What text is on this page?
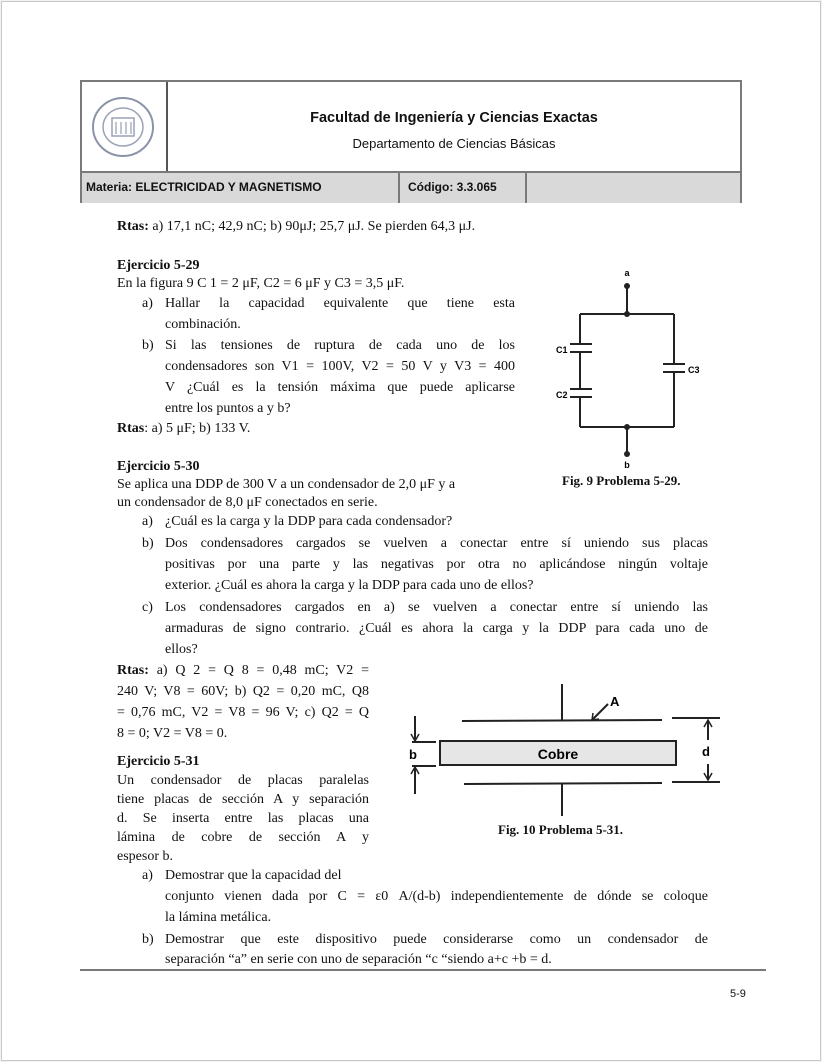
Facultad de Ingeniería y Ciencias Exactas
Departamento de Ciencias Básicas
Materia: ELECTRICIDAD Y MAGNETISMO	Código: 3.3.065
Rtas: a) 17,1 nC; 42,9 nC; b) 90μJ; 25,7 μJ. Se pierden 64,3 μJ.
Ejercicio 5-29
En la figura 9 C 1 = 2 μF, C2 = 6 μF y C3 = 3,5 μF.
a) Hallar la capacidad equivalente que tiene esta
combinación.
b) Si las tensiones de ruptura de cada uno de los
condensadores son V1 = 100V, V2 = 50 V y V3 = 400
V ¿Cuál es la tensión máxima que puede aplicarse
entre los puntos a y b?
Rtas: a) 5 μF; b) 133 V.
a
b
C1
C2
C3
Fig. 9 Problema 5-29.
Ejercicio 5-30
Se aplica una DDP de 300 V a un condensador de 2,0 μF y a
un condensador de 8,0 μF conectados en serie.
a) ¿Cuál es la carga y la DDP para cada condensador?
b) Dos condensadores cargados se vuelven a conectar entre sí uniendo sus placas
positivas por una parte y las negativas por otra no aplicándose ningún voltaje
exterior. ¿Cuál es ahora la carga y la DDP para cada uno de ellos?
c) Los condensadores cargados en a) se vuelven a conectar entre sí uniendo las
armaduras de signo contrario. ¿Cuál es ahora la carga y la DDP para cada uno de
ellos?
Rtas: a) Q 2 = Q 8 = 0,48 mC; V2 =
240 V; V8 = 60V; b) Q2 = 0,20 mC, Q8
= 0,76 mC, V2 = V8 = 96 V; c) Q2 = Q
8 = 0; V2 = V8 = 0.
Ejercicio 5-31
Un condensador de placas paralelas
tiene placas de sección A y separación
d. Se inserta entre las placas una
lámina de cobre de sección A y
espesor b.
a) Demostrar que la capacidad del
conjunto vienen dada por C = ε0 A/(d-b) independientemente de dónde se coloque
la lámina metálica.
b) Demostrar que este dispositivo puede considerarse como un condensador de
separación “a” en serie con uno de separación “c “siendo a+c +b = d.
Cobre
A
b	d
Fig. 10 Problema 5-31.
5-9
